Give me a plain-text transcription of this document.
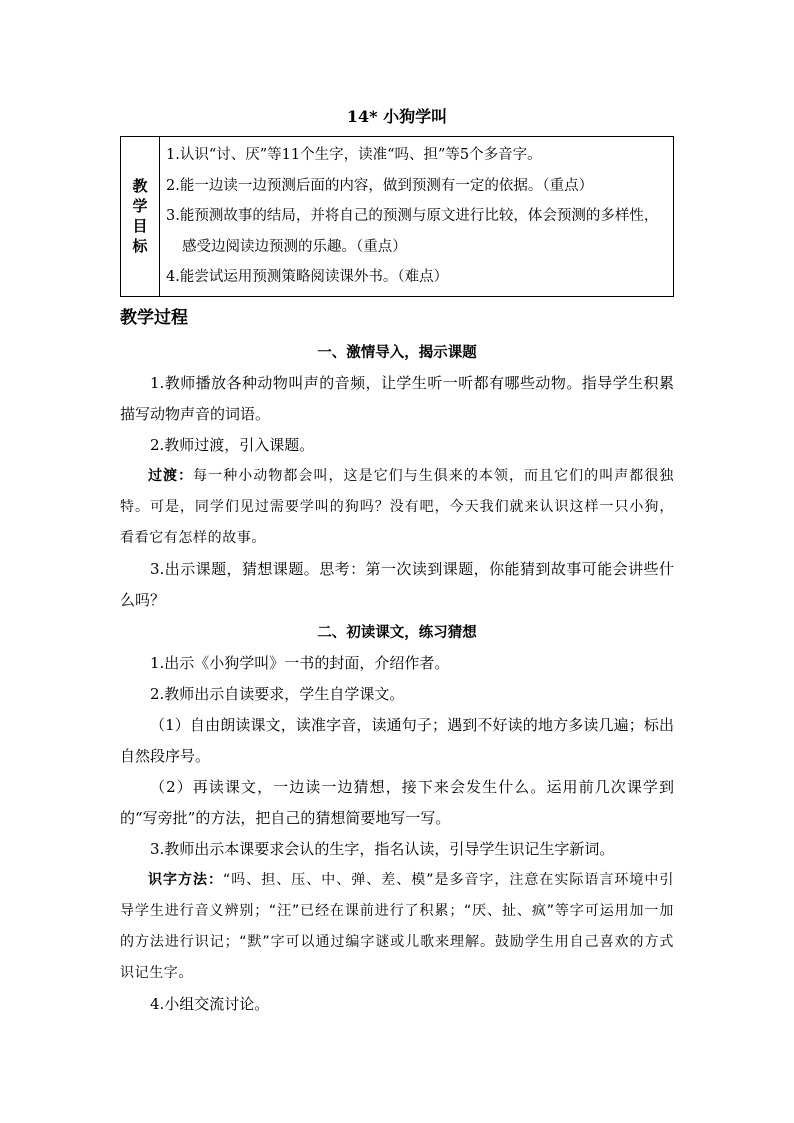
14* 小狗学叫
教
学
目
标

1.认识“讨、厌”等11个生字，读准“吗、担”等5个多音字。
2.能一边读一边预测后面的内容，做到预测有一定的依据。（重点）
3.能预测故事的结局，并将自己的预测与原文进行比较，体会预测的多样性，感受边阅读边预测的乐趣。（重点）
4.能尝试运用预测策略阅读课外书。（难点）
教学过程
一、激情导入，揭示课题
1.教师播放各种动物叫声的音频，让学生听一听都有哪些动物。指导学生积累描写动物声音的词语。
2.教师过渡，引入课题。
过渡：每一种小动物都会叫，这是它们与生俱来的本领，而且它们的叫声都很独特。可是，同学们见过需要学叫的狗吗？没有吧，今天我们就来认识这样一只小狗，看看它有怎样的故事。
3.出示课题，猜想课题。思考：第一次读到课题，你能猜到故事可能会讲些什么吗？
二、初读课文，练习猜想
1.出示《小狗学叫》一书的封面，介绍作者。
2.教师出示自读要求，学生自学课文。
（1）自由朗读课文，读准字音，读通句子；遇到不好读的地方多读几遍；标出自然段序号。
（2）再读课文，一边读一边猜想，接下来会发生什么。运用前几次课学到的“写旁批”的方法，把自己的猜想简要地写一写。
3.教师出示本课要求会认的生字，指名认读，引导学生识记生字新词。
识字方法：“吗、担、压、中、弹、差、模”是多音字，注意在实际语言环境中引导学生进行音义辨别；“汪”已经在课前进行了积累；“厌、扯、疯”等字可运用加一加的方法进行识记；“默”字可以通过编字谜或儿歌来理解。鼓励学生用自己喜欢的方式识记生字。
4.小组交流讨论。
